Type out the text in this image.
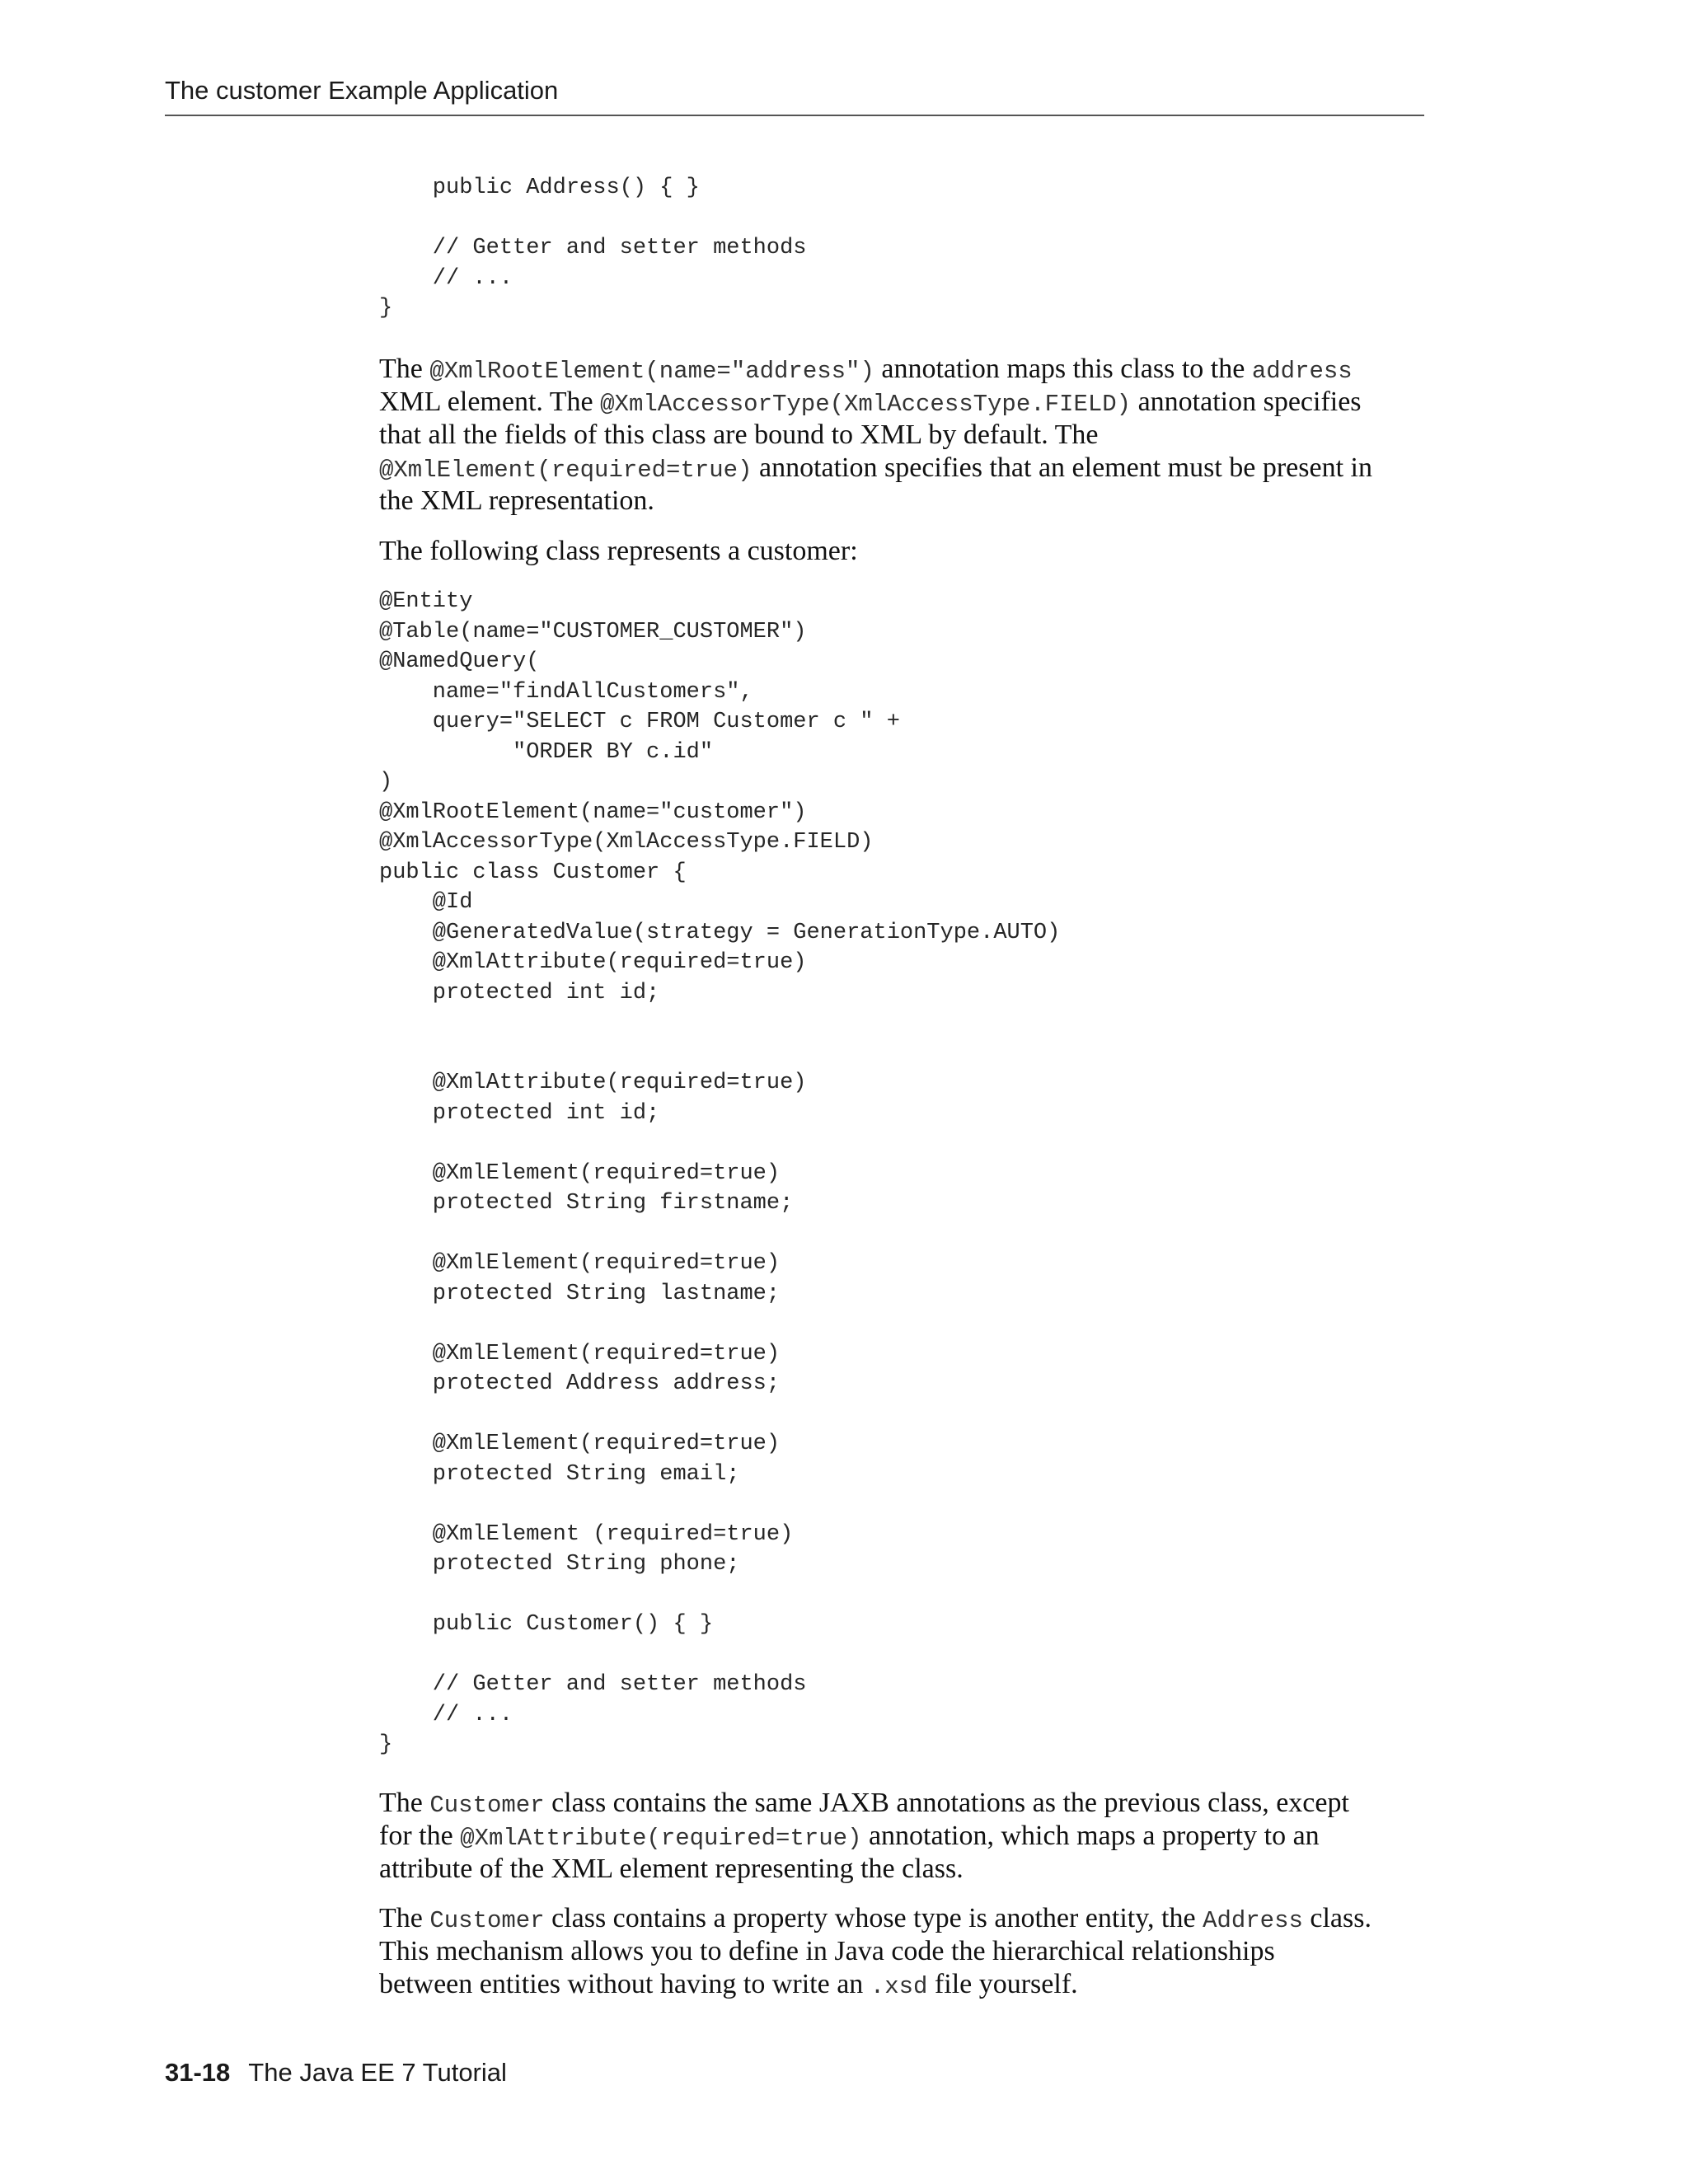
The customer Example Application
public Address() { }
// Getter and setter methods
// ...
}
The @XmlRootElement(name="address") annotation maps this class to the address
XML element. The @XmlAccessorType(XmlAccessType.FIELD) annotation specifies
that all the fields of this class are bound to XML by default. The
@XmlElement(required=true) annotation specifies that an element must be present in
the XML representation.
The following class represents a customer:
@Entity
@Table(name="CUSTOMER_CUSTOMER")
@NamedQuery(
name="findAllCustomers",
query="SELECT c FROM Customer c " +
"ORDER BY c.id"
)
@XmlRootElement(name="customer")
@XmlAccessorType(XmlAccessType.FIELD)
public class Customer {
@Id
@GeneratedValue(strategy = GenerationType.AUTO)
@XmlAttribute(required=true)
protected int id;
@XmlAttribute(required=true)
protected int id;
@XmlElement(required=true)
protected String firstname;
@XmlElement(required=true)
protected String lastname;
@XmlElement(required=true)
protected Address address;
@XmlElement(required=true)
protected String email;
@XmlElement (required=true)
protected String phone;
public Customer() { }
// Getter and setter methods
// ...
}
The Customer class contains the same JAXB annotations as the previous class, except
for the @XmlAttribute(required=true) annotation, which maps a property to an
attribute of the XML element representing the class.
The Customer class contains a property whose type is another entity, the Address class.
This mechanism allows you to define in Java code the hierarchical relationships
between entities without having to write an .xsd file yourself.
31-18 The Java EE 7 Tutorial
